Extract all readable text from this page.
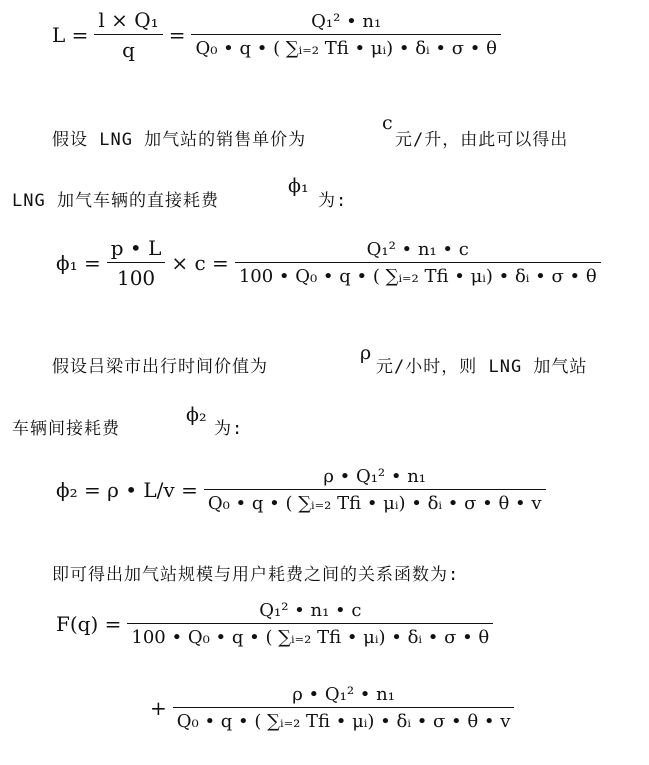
$L = \frac{\text{l × Q₁}}{q} = \frac{\text{Q₁² • n₁}}{\text{Q₀ • q • ( ∑ᵢ₌₂ Tfi • μᵢ) • δᵢ • σ • θ}}$
假设 LNG 加气站的销售单价为
c
元/升，由此可以得出
LNG 加气车辆的直接耗费
ϕ₁
为:
$\phi_1 = \frac{p • L}{100} \times c = \frac{\text{Q₁² • n₁ • c}}{\text{100 • Q₀ • q • ( ∑ᵢ₌₂ Tfi • μᵢ) • δᵢ • σ • θ}}$
假设吕梁市出行时间价值为
ρ
元/小时，则 LNG 加气站
车辆间接耗费
ϕ₂
为:
ϕ₂ = ρ • L∕v = $\frac{\text{ρ • Q₁² • n₁}}{\text{Q₀ • q • ( ∑ᵢ₌₂ Tfi • μᵢ) • δᵢ • σ • θ • v}}$
即可得出加气站规模与用户耗费之间的关系函数为:
$F(q) = \frac{\text{Q₁² • n₁ • c}}{\text{100 • Q₀ • q • ( ∑ᵢ₌₂ Tfi • μᵢ) • δᵢ • σ • θ}}$
+ $\frac{\text{ρ • Q₁² • n₁}}{\text{Q₀ • q • ( ∑ᵢ₌₂ Tfi • μᵢ) • δᵢ • σ • θ • v}}$
